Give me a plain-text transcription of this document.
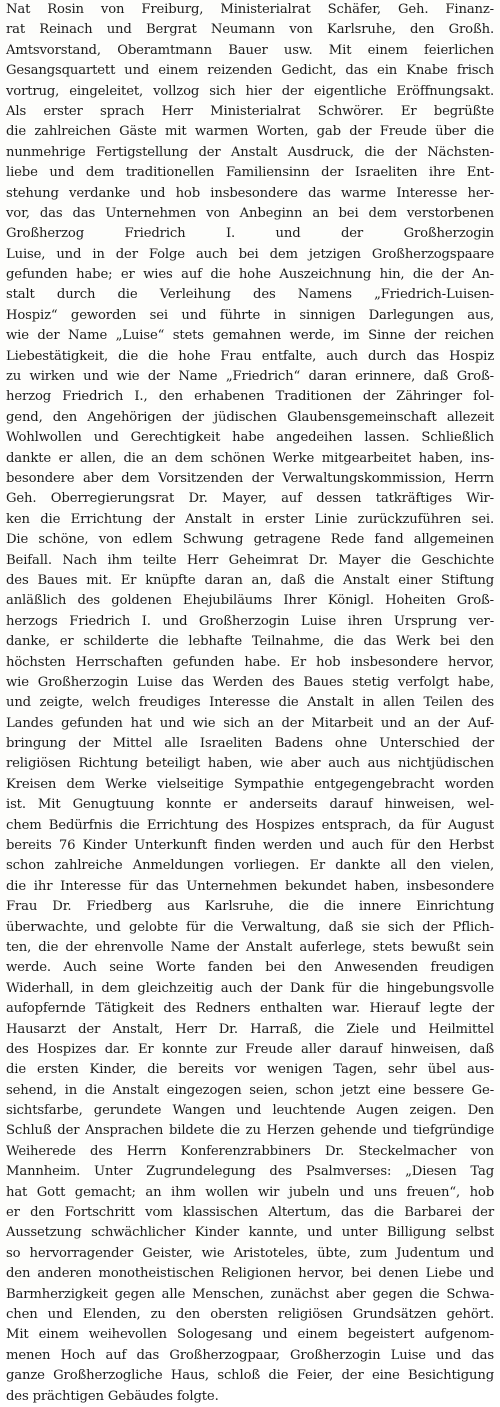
Nat Rosin von Freiburg, Ministerialrat Schäfer, Geh. Finanz-
rat Reinach und Bergrat Neumann von Karlsruhe, den Großh.
Amtsvorstand, Oberamtmann Bauer usw. Mit einem feierlichen
Gesangsquartett und einem reizenden Gedicht, das ein Knabe frisch
vortrug, eingeleitet, vollzog sich hier der eigentliche Eröffnungsakt.
Als erster sprach Herr Ministerialrat Schwörer. Er begrüßte
die zahlreichen Gäste mit warmen Worten, gab der Freude über die
nunmehrige Fertigstellung der Anstalt Ausdruck, die der Nächsten-
liebe und dem traditionellen Familiensinn der Israeliten ihre Ent-
stehung verdanke und hob insbesondere das warme Interesse her-
vor, das das Unternehmen von Anbeginn an bei dem verstorbenen
Großherzog Friedrich I. und der Großherzogin
Luise, und in der Folge auch bei dem jetzigen Großherzogspaare
gefunden habe; er wies auf die hohe Auszeichnung hin, die der An-
stalt durch die Verleihung des Namens „Friedrich-Luisen-
Hospiz“ geworden sei und führte in sinnigen Darlegungen aus,
wie der Name „Luise“ stets gemahnen werde, im Sinne der reichen
Liebestätigkeit, die die hohe Frau entfalte, auch durch das Hospiz
zu wirken und wie der Name „Friedrich“ daran erinnere, daß Groß-
herzog Friedrich I., den erhabenen Traditionen der Zähringer fol-
gend, den Angehörigen der jüdischen Glaubensgemeinschaft allezeit
Wohlwollen und Gerechtigkeit habe angedeihen lassen. Schließlich
dankte er allen, die an dem schönen Werke mitgearbeitet haben, ins-
besondere aber dem Vorsitzenden der Verwaltungskommission, Herrn
Geh. Oberregierungsrat Dr. Mayer, auf dessen tatkräftiges Wir-
ken die Errichtung der Anstalt in erster Linie zurückzuführen sei.
Die schöne, von edlem Schwung getragene Rede fand allgemeinen
Beifall. Nach ihm teilte Herr Geheimrat Dr. Mayer die Geschichte
des Baues mit. Er knüpfte daran an, daß die Anstalt einer Stiftung
anläßlich des goldenen Ehejubiläums Ihrer Königl. Hoheiten Groß-
herzogs Friedrich I. und Großherzogin Luise ihren Ursprung ver-
danke, er schilderte die lebhafte Teilnahme, die das Werk bei den
höchsten Herrschaften gefunden habe. Er hob insbesondere hervor,
wie Großherzogin Luise das Werden des Baues stetig verfolgt habe,
und zeigte, welch freudiges Interesse die Anstalt in allen Teilen des
Landes gefunden hat und wie sich an der Mitarbeit und an der Auf-
bringung der Mittel alle Israeliten Badens ohne Unterschied der
religiösen Richtung beteiligt haben, wie aber auch aus nichtjüdischen
Kreisen dem Werke vielseitige Sympathie entgegengebracht worden
ist. Mit Genugtuung konnte er anderseits darauf hinweisen, wel-
chem Bedürfnis die Errichtung des Hospizes entsprach, da für August
bereits 76 Kinder Unterkunft finden werden und auch für den Herbst
schon zahlreiche Anmeldungen vorliegen. Er dankte all den vielen,
die ihr Interesse für das Unternehmen bekundet haben, insbesondere
Frau Dr. Friedberg aus Karlsruhe, die die innere Einrichtung
überwachte, und gelobte für die Verwaltung, daß sie sich der Pflich-
ten, die der ehrenvolle Name der Anstalt auferlege, stets bewußt sein
werde. Auch seine Worte fanden bei den Anwesenden freudigen
Widerhall, in dem gleichzeitig auch der Dank für die hingebungsvolle
aufopfernde Tätigkeit des Redners enthalten war. Hierauf legte der
Hausarzt der Anstalt, Herr Dr. Harraß, die Ziele und Heilmittel
des Hospizes dar. Er konnte zur Freude aller darauf hinweisen, daß
die ersten Kinder, die bereits vor wenigen Tagen, sehr übel aus-
sehend, in die Anstalt eingezogen seien, schon jetzt eine bessere Ge-
sichtsfarbe, gerundete Wangen und leuchtende Augen zeigen. Den
Schluß der Ansprachen bildete die zu Herzen gehende und tiefgründige
Weiherede des Herrn Konferenzrabbiners Dr. Steckelmacher von
Mannheim. Unter Zugrundelegung des Psalmverses: „Diesen Tag
hat Gott gemacht; an ihm wollen wir jubeln und uns freuen“, hob
er den Fortschritt vom klassischen Altertum, das die Barbarei der
Aussetzung schwächlicher Kinder kannte, und unter Billigung selbst
so hervorragender Geister, wie Aristoteles, übte, zum Judentum und
den anderen monotheistischen Religionen hervor, bei denen Liebe und
Barmherzigkeit gegen alle Menschen, zunächst aber gegen die Schwa-
chen und Elenden, zu den obersten religiösen Grundsätzen gehört.
Mit einem weihevollen Sologesang und einem begeistert aufgenom-
menen Hoch auf das Großherzogpaar, Großherzogin Luise und das
ganze Großherzogliche Haus, schloß die Feier, der eine Besichtigung
des prächtigen Gebäudes folgte.
